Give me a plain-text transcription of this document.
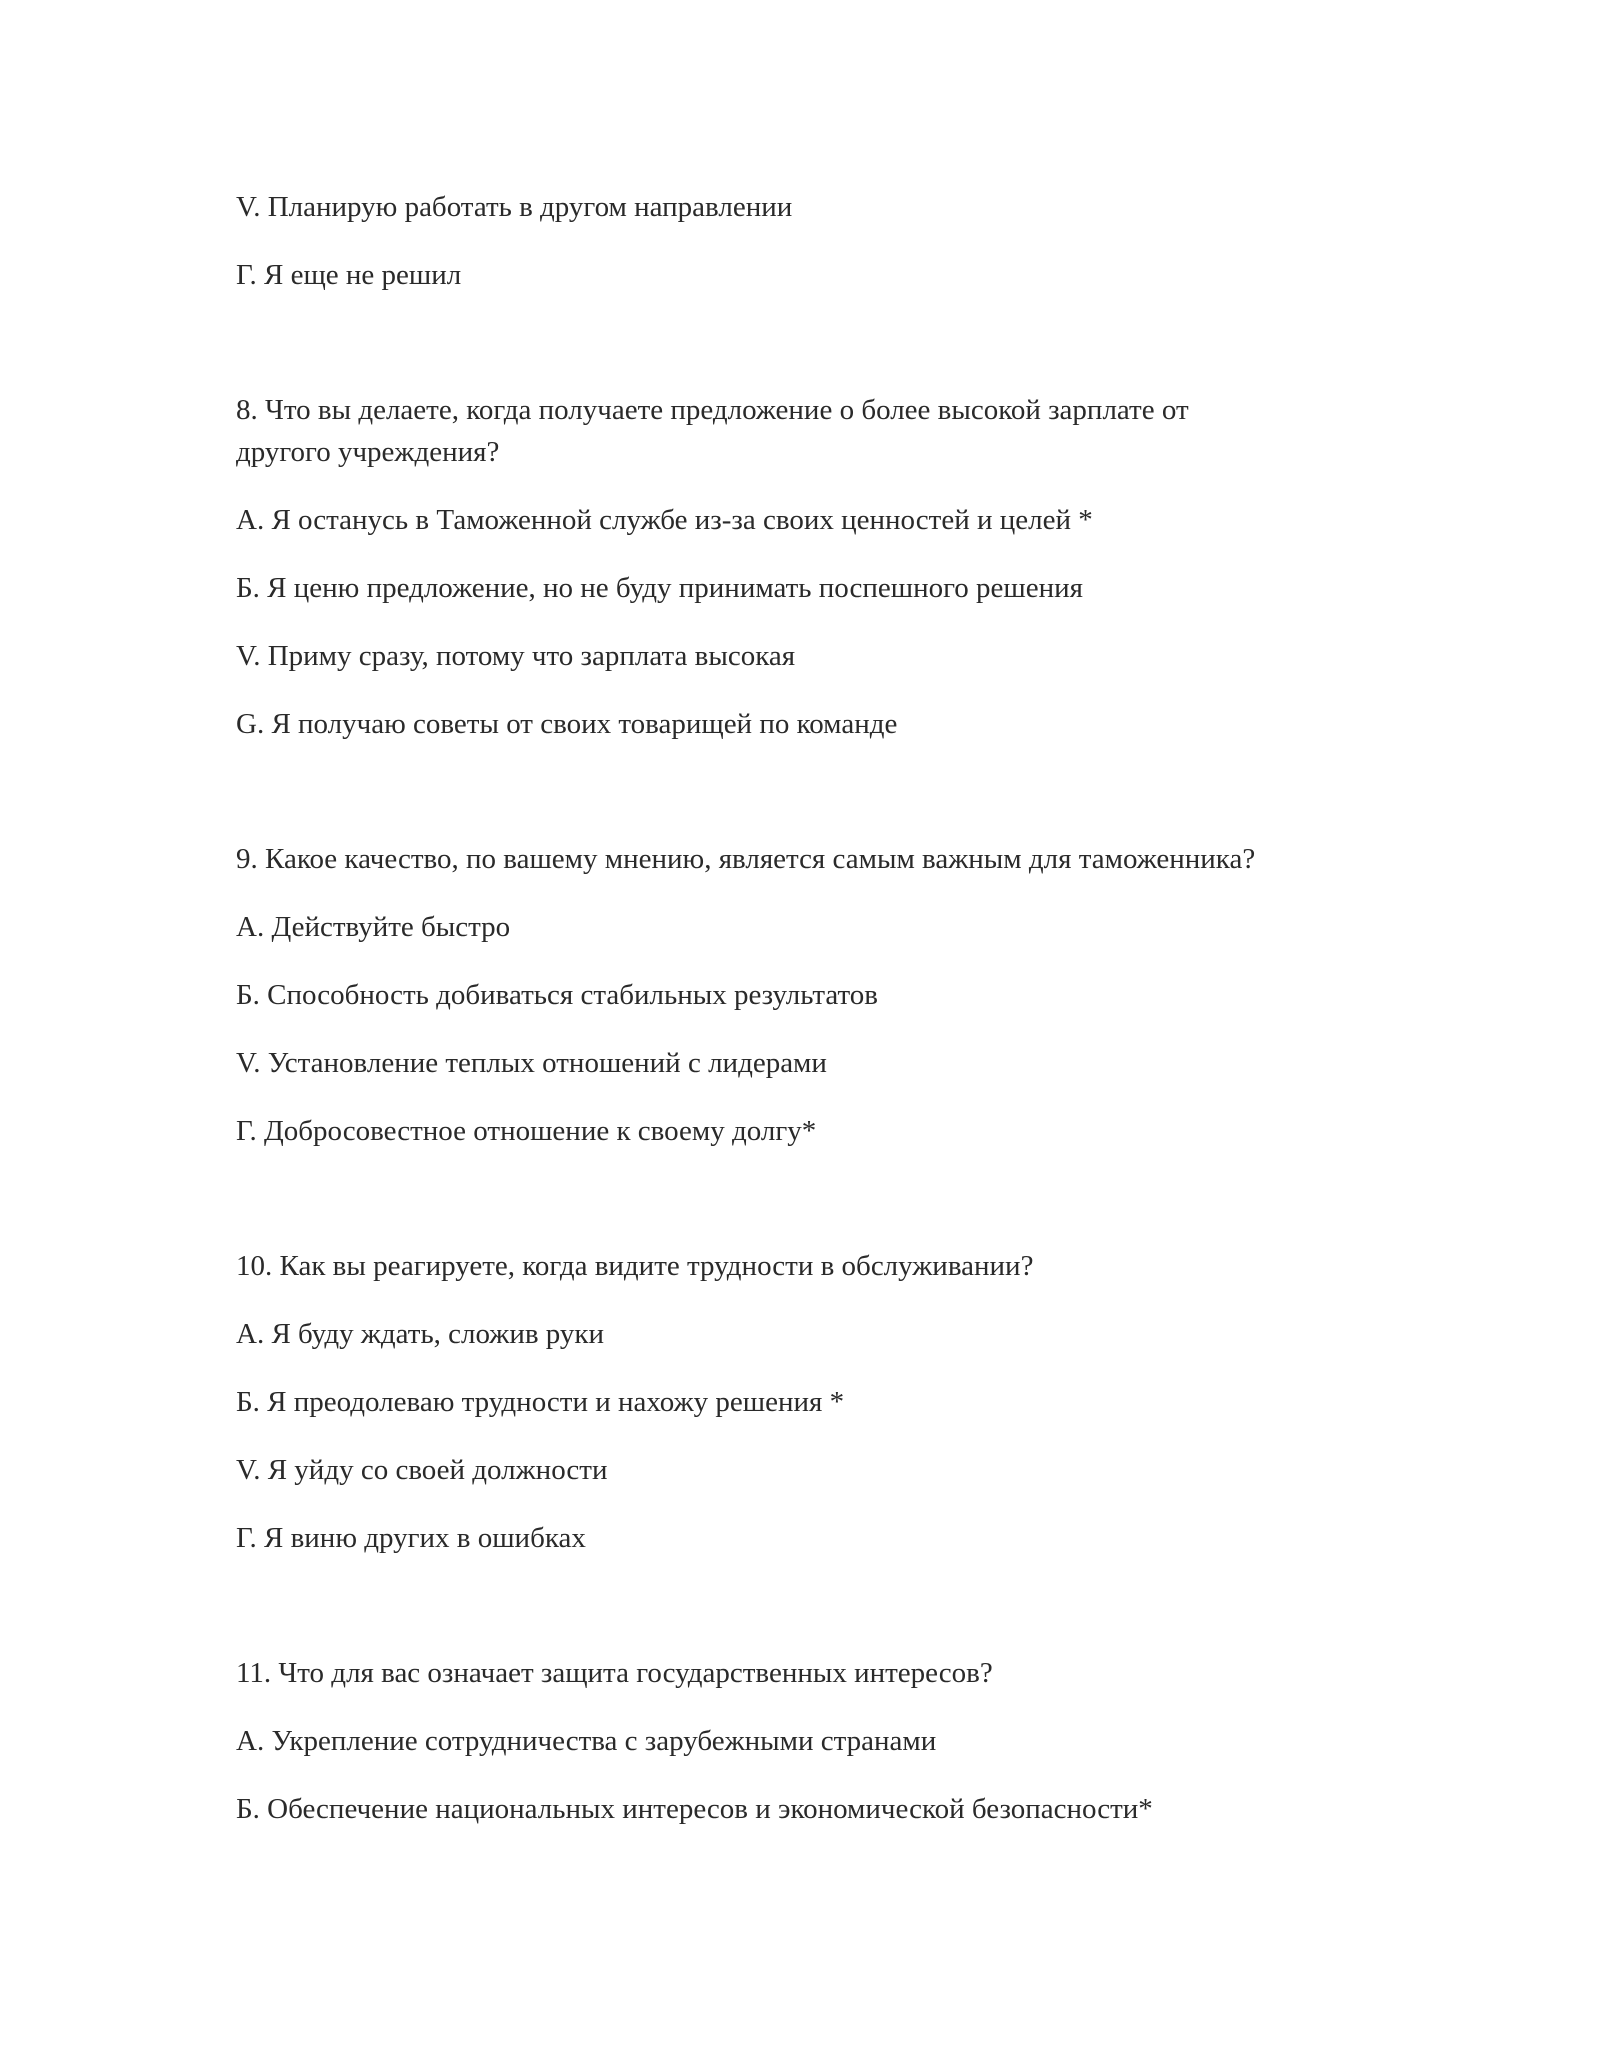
V. Планирую работать в другом направлении
Г. Я еще не решил
8. Что вы делаете, когда получаете предложение о более высокой зарплате от
другого учреждения?
А. Я останусь в Таможенной службе из-за своих ценностей и целей *
Б. Я ценю предложение, но не буду принимать поспешного решения
V. Приму сразу, потому что зарплата высокая
G. Я получаю советы от своих товарищей по команде
9. Какое качество, по вашему мнению, является самым важным для таможенника?
А. Действуйте быстро
Б. Способность добиваться стабильных результатов
V. Установление теплых отношений с лидерами
Г. Добросовестное отношение к своему долгу*
10. Как вы реагируете, когда видите трудности в обслуживании?
А. Я буду ждать, сложив руки
Б. Я преодолеваю трудности и нахожу решения *
V. Я уйду со своей должности
Г. Я виню других в ошибках
11. Что для вас означает защита государственных интересов?
А. Укрепление сотрудничества с зарубежными странами
Б. Обеспечение национальных интересов и экономической безопасности*
